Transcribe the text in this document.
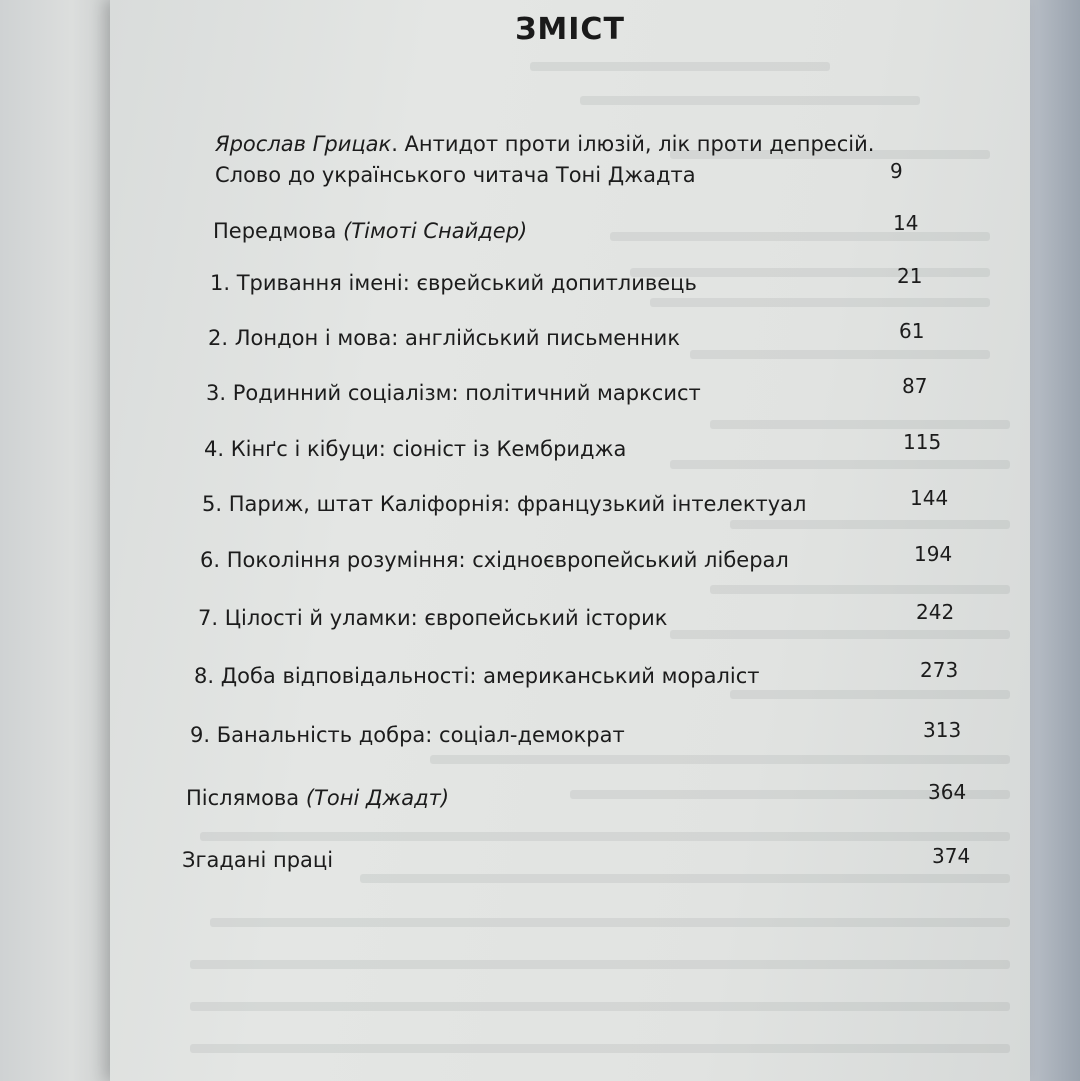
ЗМІСТ
Ярослав Грицак. Антидот проти ілюзій, лік проти депресій.
Слово до українського читача Тоні Джадта	9
Передмова (Тімоті Снайдер)	14
1. Тривання імені: єврейський допитливець	21
2. Лондон і мова: англійський письменник	61
3. Родинний соціалізм: політичний марксист	87
4. Кінґс і кібуци: сіоніст із Кембриджа	115
5. Париж, штат Каліфорнія: французький інтелектуал	144
6. Покоління розуміння: східноєвропейський ліберал	194
7. Цілості й уламки: європейський історик	242
8. Доба відповідальності: американський мораліст	273
9. Банальність добра: соціал-демократ	313
Післямова (Тоні Джадт)	364
Згадані праці	374
